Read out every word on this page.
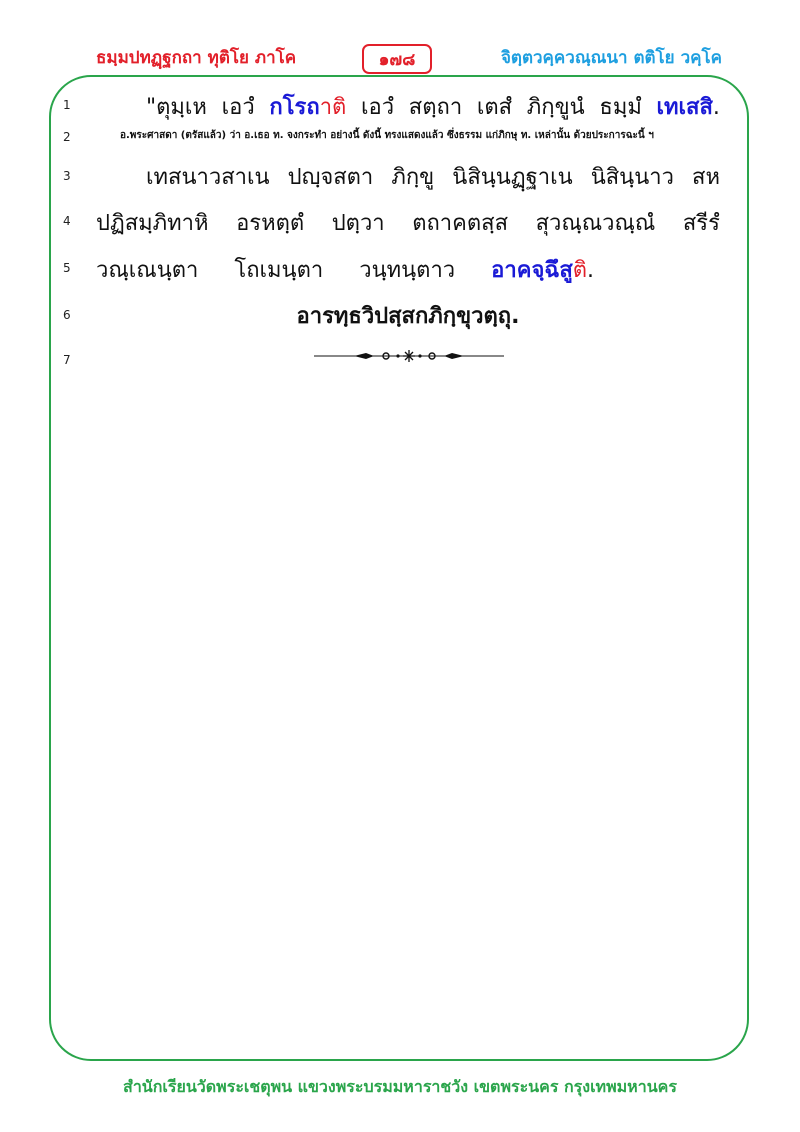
ธมฺมปทฏฺฐกถา ทุติโย ภาโค	๑๗๘	จิตฺตวคฺควณฺณนา ตติโย วคฺโค
1
2
3
4
5
6
7
"ตุมฺเห เอวํ กโรถาติ เอวํ สตฺถา เตสํ ภิกฺขูนํ ธมฺมํ เทเสสิ.
อ.พระศาสดา (ตรัสแล้ว) ว่า อ.เธอ ท. จงกระทำ อย่างนี้ ดังนี้ ทรงแสดงแล้ว ซึ่งธรรม แก่ภิกษุ ท. เหล่านั้น ด้วยประการฉะนี้ ฯ
เทสนาวสาเน ปญฺจสตา ภิกฺขู นิสินฺนฏฺฐาเน นิสินฺนาว สห
ปฏิสมฺภิทาหิ อรหตฺตํ ปตฺวา ตถาคตสฺส สุวณฺณวณฺณํ สรีรํ
วณฺเณนฺตา โถเมนฺตา วนฺทนฺตาว อาคจฺฉึสูติ.
อารทฺธวิปสฺสกภิกฺขุวตฺถุ.
สำนักเรียนวัดพระเชตุพน แขวงพระบรมมหาราชวัง เขตพระนคร กรุงเทพมหานคร
